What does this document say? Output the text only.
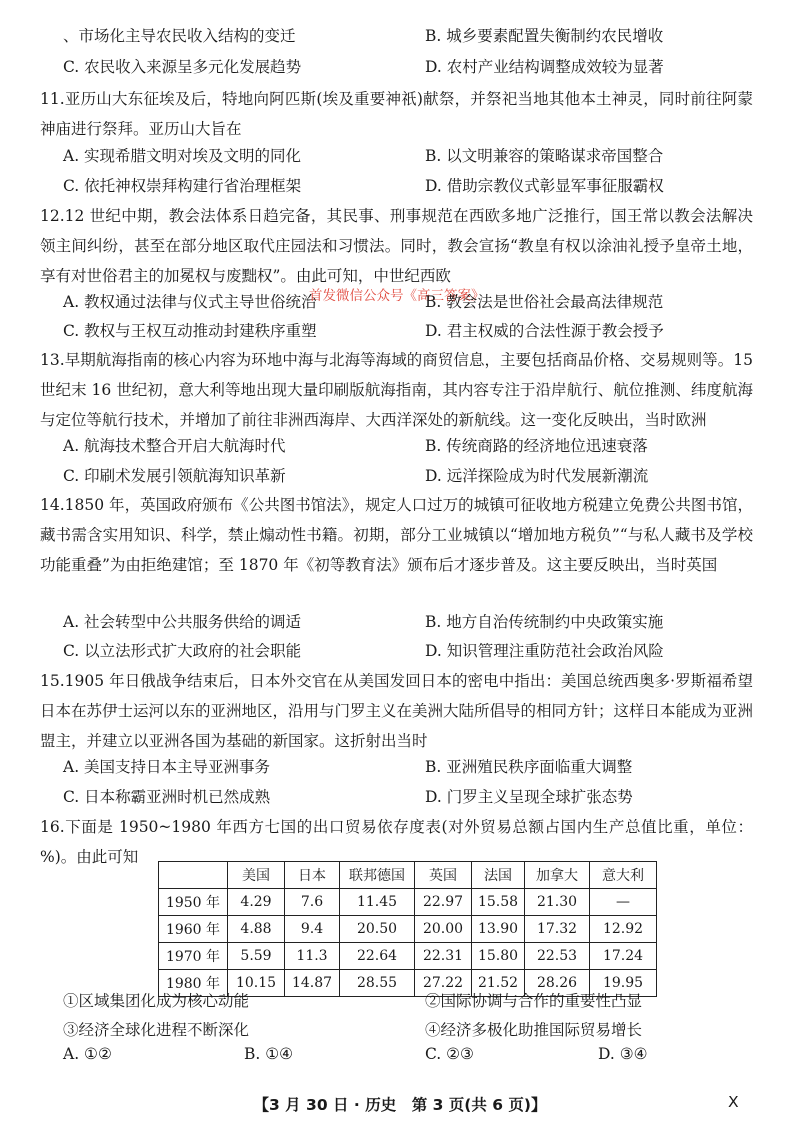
、市场化主导农民收入结构的变迁	B. 城乡要素配置失衡制约农民增收
C. 农民收入来源呈多元化发展趋势	D. 农村产业结构调整成效较为显著
11.亚历山大东征埃及后，特地向阿匹斯(埃及重要神祇)献祭，并祭祀当地其他本土神灵，同时前往阿蒙神庙进行祭拜。亚历山大旨在
A. 实现希腊文明对埃及文明的同化	B. 以文明兼容的策略谋求帝国整合
C. 依托神权崇拜构建行省治理框架	D. 借助宗教仪式彰显军事征服霸权
12.12 世纪中期，教会法体系日趋完备，其民事、刑事规范在西欧多地广泛推行，国王常以教会法解决领主间纠纷，甚至在部分地区取代庄园法和习惯法。同时，教会宣扬“教皇有权以涂油礼授予皇帝土地，享有对世俗君主的加冕权与废黜权”。由此可知，中世纪西欧
A. 教权通过法律与仪式主导世俗统治
首发微信公众号《高三答案》
B. 教会法是世俗社会最高法律规范
C. 教权与王权互动推动封建秩序重塑	D. 君主权威的合法性源于教会授予
13.早期航海指南的核心内容为环地中海与北海等海域的商贸信息，主要包括商品价格、交易规则等。15 世纪末 16 世纪初，意大利等地出现大量印刷版航海指南，其内容专注于沿岸航行、航位推测、纬度航海与定位等航行技术，并增加了前往非洲西海岸、大西洋深处的新航线。这一变化反映出，当时欧洲
A. 航海技术整合开启大航海时代	B. 传统商路的经济地位迅速衰落
C. 印刷术发展引领航海知识革新	D. 远洋探险成为时代发展新潮流
14.1850 年，英国政府颁布《公共图书馆法》，规定人口过万的城镇可征收地方税建立免费公共图书馆，藏书需含实用知识、科学，禁止煽动性书籍。初期，部分工业城镇以“增加地方税负”“与私人藏书及学校功能重叠”为由拒绝建馆；至 1870 年《初等教育法》颁布后才逐步普及。这主要反映出，当时英国
A. 社会转型中公共服务供给的调适	B. 地方自治传统制约中央政策实施
C. 以立法形式扩大政府的社会职能	D. 知识管理注重防范社会政治风险
15.1905 年日俄战争结束后，日本外交官在从美国发回日本的密电中指出：美国总统西奥多·罗斯福希望日本在苏伊士运河以东的亚洲地区，沿用与门罗主义在美洲大陆所倡导的相同方针；这样日本能成为亚洲盟主，并建立以亚洲各国为基础的新国家。这折射出当时
A. 美国支持日本主导亚洲事务	B. 亚洲殖民秩序面临重大调整
C. 日本称霸亚洲时机已然成熟	D. 门罗主义呈现全球扩张态势
16.下面是 1950~1980 年西方七国的出口贸易依存度表(对外贸易总额占国内生产总值比重，单位：%)。由此可知
	美国	日本	联邦德国	英国	法国	加拿大	意大利
1950 年	4.29	7.6	11.45	22.97	15.58	21.30	—
1960 年	4.88	9.4	20.50	20.00	13.90	17.32	12.92
1970 年	5.59	11.3	22.64	22.31	15.80	22.53	17.24
1980 年	10.15	14.87	28.55	27.22	21.52	28.26	19.95
①区域集团化成为核心动能	②国际协调与合作的重要性凸显
③经济全球化进程不断深化	④经济多极化助推国际贸易增长
A. ①②	B. ①④	C. ②③	D. ③④
【3 月 30 日 · 历史　第 3 页(共 6 页)】	X
